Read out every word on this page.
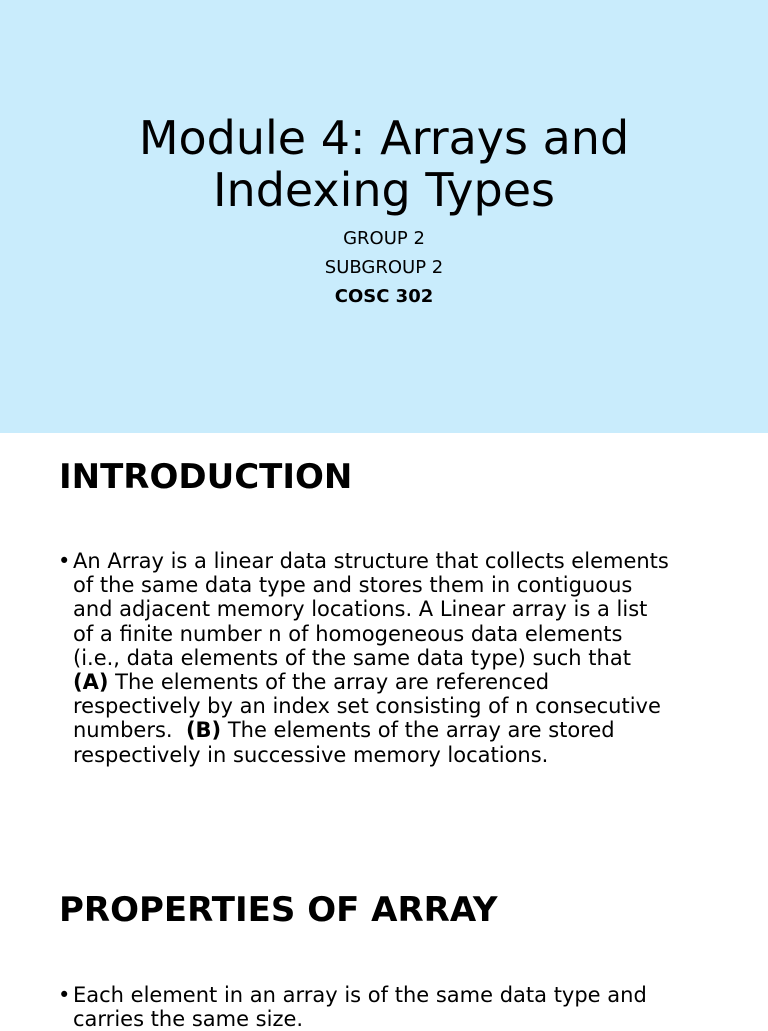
Module 4: Arrays and
Indexing Types

GROUP 2

SUBGROUP 2

COSC 302

INTRODUCTION
• An Array is a linear data structure that collects elements
of the same data type and stores them in contiguous
and adjacent memory locations. A Linear array is a list
of a finite number n of homogeneous data elements
(i.e., data elements of the same data type) such that
(A) The elements of the array are referenced
respectively by an index set consisting of n consecutive
numbers.  (B) The elements of the array are stored
respectively in successive memory locations.
PROPERTIES OF ARRAY
• Each element in an array is of the same data type and
carries the same size.
